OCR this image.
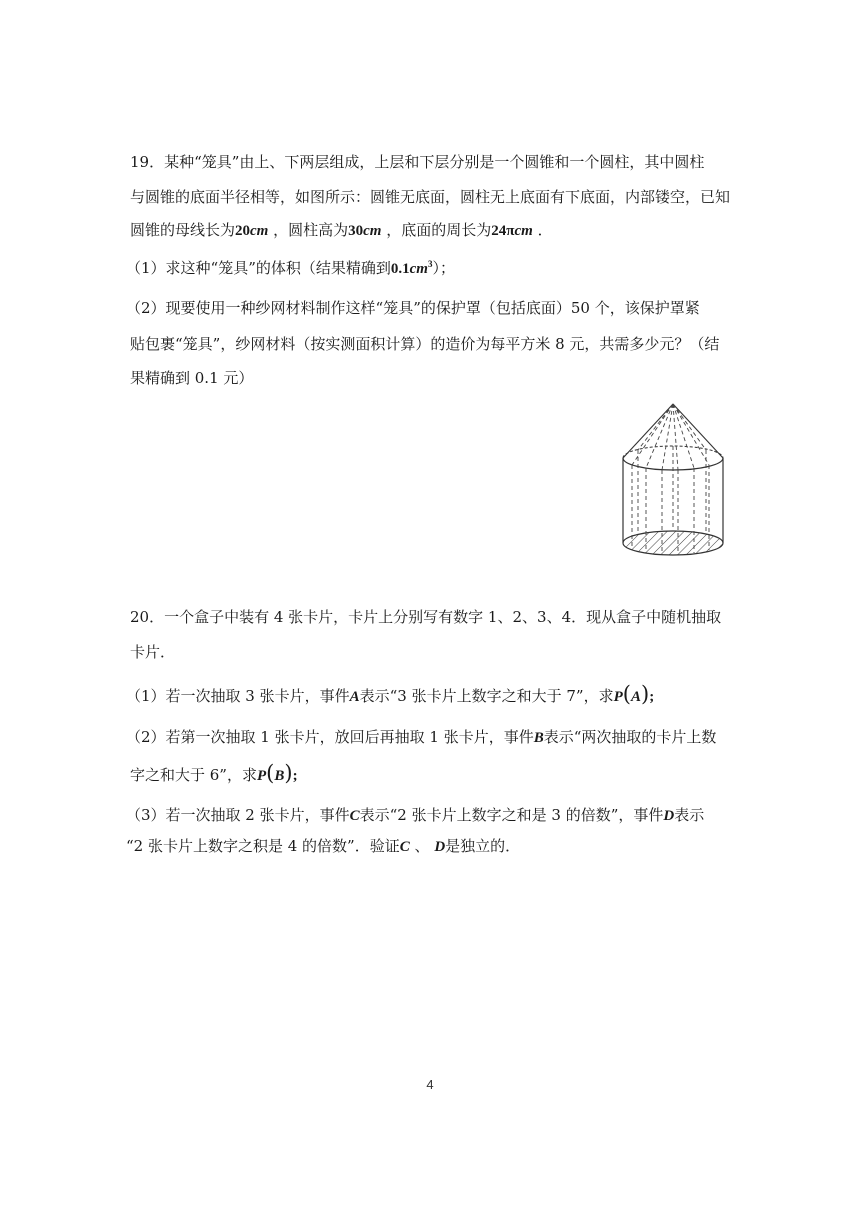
19．某种“笼具”由上、下两层组成，上层和下层分别是一个圆锥和一个圆柱，其中圆柱
与圆锥的底面半径相等，如图所示：圆锥无底面，圆柱无上底面有下底面，内部镂空，已知
圆锥的母线长为20cm ，圆柱高为30cm ，底面的周长为24πcm ．
（1）求这种“笼具”的体积（结果精确到$0.1cm^3$）；
（2）现要使用一种纱网材料制作这样“笼具”的保护罩（包括底面）50 个，该保护罩紧
贴包裹“笼具”，纱网材料（按实测面积计算）的造价为每平方米 8 元，共需多少元？（结
果精确到 0.1 元）
20．一个盒子中装有 4 张卡片，卡片上分别写有数字 1、2、3、4．现从盒子中随机抽取
卡片．
（1）若一次抽取 3 张卡片，事件A表示“3 张卡片上数字之和大于 7”，求P(A);
（2）若第一次抽取 1 张卡片，放回后再抽取 1 张卡片，事件B表示“两次抽取的卡片上数
字之和大于 6”，求P(B);
（3）若一次抽取 2 张卡片，事件C表示“2 张卡片上数字之和是 3 的倍数”，事件D表示
“2 张卡片上数字之积是 4 的倍数”．验证C 、 D是独立的．
4
